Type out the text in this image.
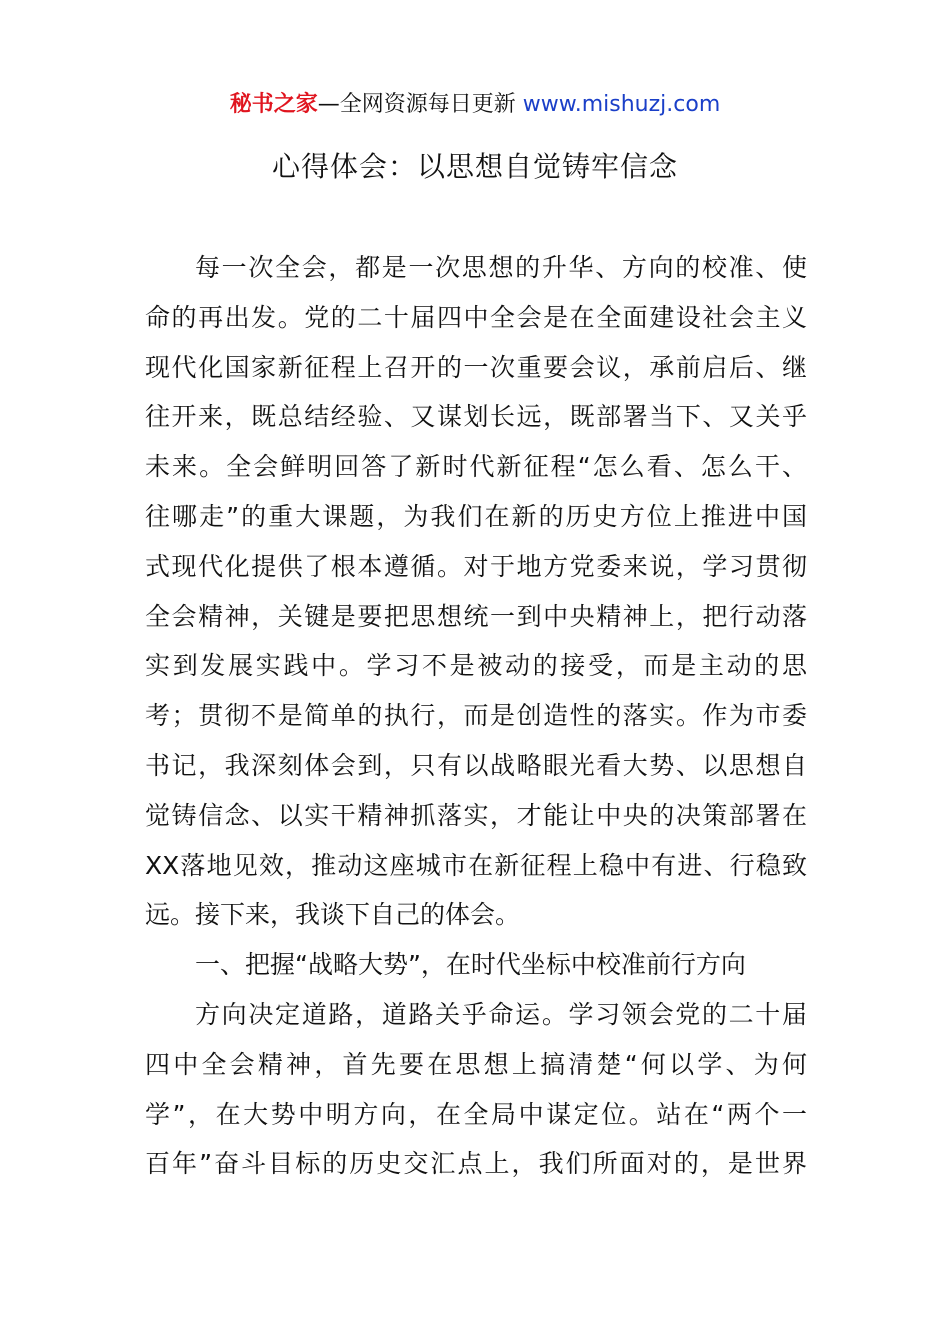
秘书之家—全网资源每日更新 www.mishuzj.com
心得体会：以思想自觉铸牢信念
每一次全会，都是一次思想的升华、方向的校准、使
命的再出发。党的二十届四中全会是在全面建设社会主义
现代化国家新征程上召开的一次重要会议，承前启后、继
往开来，既总结经验、又谋划长远，既部署当下、又关乎
未来。全会鲜明回答了新时代新征程“怎么看、怎么干、
往哪走”的重大课题，为我们在新的历史方位上推进中国
式现代化提供了根本遵循。对于地方党委来说，学习贯彻
全会精神，关键是要把思想统一到中央精神上，把行动落
实到发展实践中。学习不是被动的接受，而是主动的思
考；贯彻不是简单的执行，而是创造性的落实。作为市委
书记，我深刻体会到，只有以战略眼光看大势、以思想自
觉铸信念、以实干精神抓落实，才能让中央的决策部署在
XX落地见效，推动这座城市在新征程上稳中有进、行稳致
远。接下来，我谈下自己的体会。
一、把握“战略大势”，在时代坐标中校准前行方向
方向决定道路，道路关乎命运。学习领会党的二十届
四中全会精神，首先要在思想上搞清楚“何以学、为何
学”，在大势中明方向，在全局中谋定位。站在“两个一
百年”奋斗目标的历史交汇点上，我们所面对的，是世界
